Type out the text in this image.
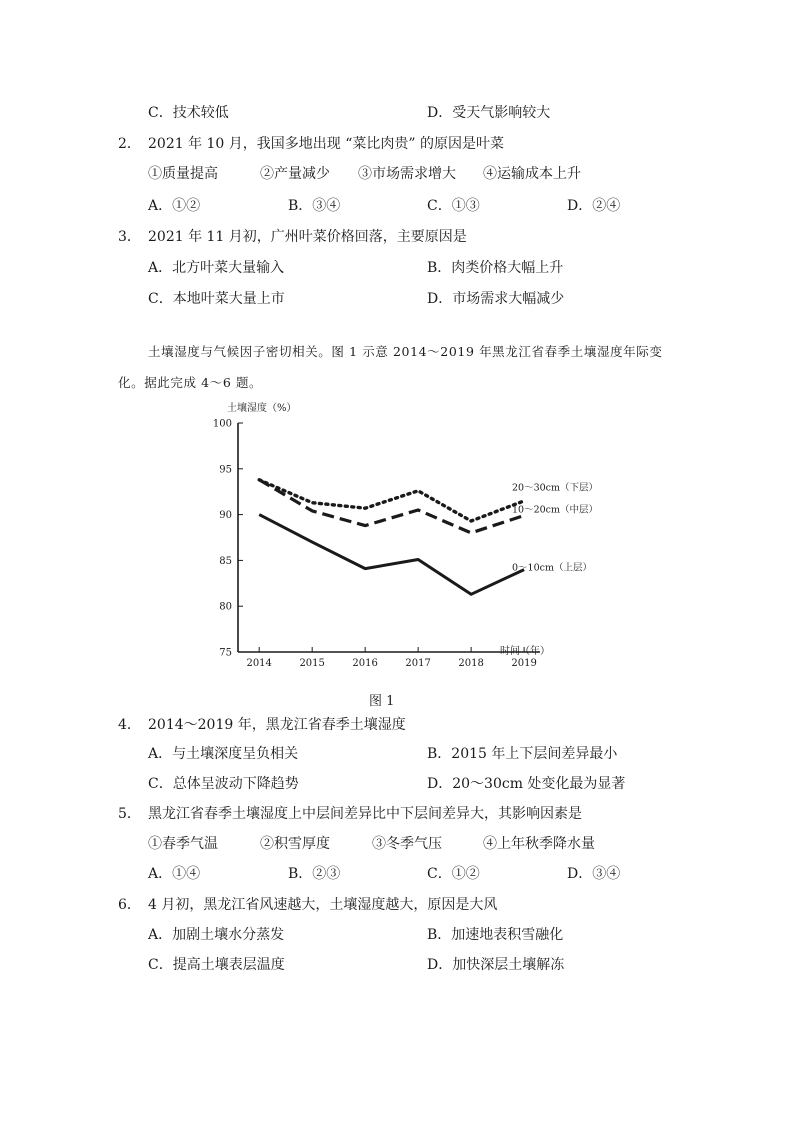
C．技术较低	D．受天气影响较大
2． 2021 年 10 月，我国多地出现 “菜比肉贵” 的原因是叶菜
①质量提高	②产量减少 ③市场需求增大 ④运输成本上升
A．①②	B．③④	C．①③	D．②④
3． 2021 年 11 月初，广州叶菜价格回落，主要原因是
A．北方叶菜大量输入	B．肉类价格大幅上升
C．本地叶菜大量上市	D．市场需求大幅减少
土壤湿度与气候因子密切相关。图 1 示意 2014～2019 年黑龙江省春季土壤湿度年际变
化。据此完成 4～6 题。
土壤湿度（%）
时间（年）
75
80
85
90
95
100
2014	2015	2016	2017	2018	2019
20～30cm（下层）
10～20cm（中层）
0～10cm（上层）
图 1
4． 2014～2019 年，黑龙江省春季土壤湿度
A．与土壤深度呈负相关	B．2015 年上下层间差异最小
C．总体呈波动下降趋势	D．20～30cm 处变化最为显著
5． 黑龙江省春季土壤湿度上中层间差异比中下层间差异大，其影响因素是
①春季气温	②积雪厚度	③冬季气压	④上年秋季降水量
A．①④	B．②③	C．①②	D．③④
6． 4 月初，黑龙江省风速越大，土壤湿度越大，原因是大风
A．加剧土壤水分蒸发	B．加速地表积雪融化
C．提高土壤表层温度	D．加快深层土壤解冻
